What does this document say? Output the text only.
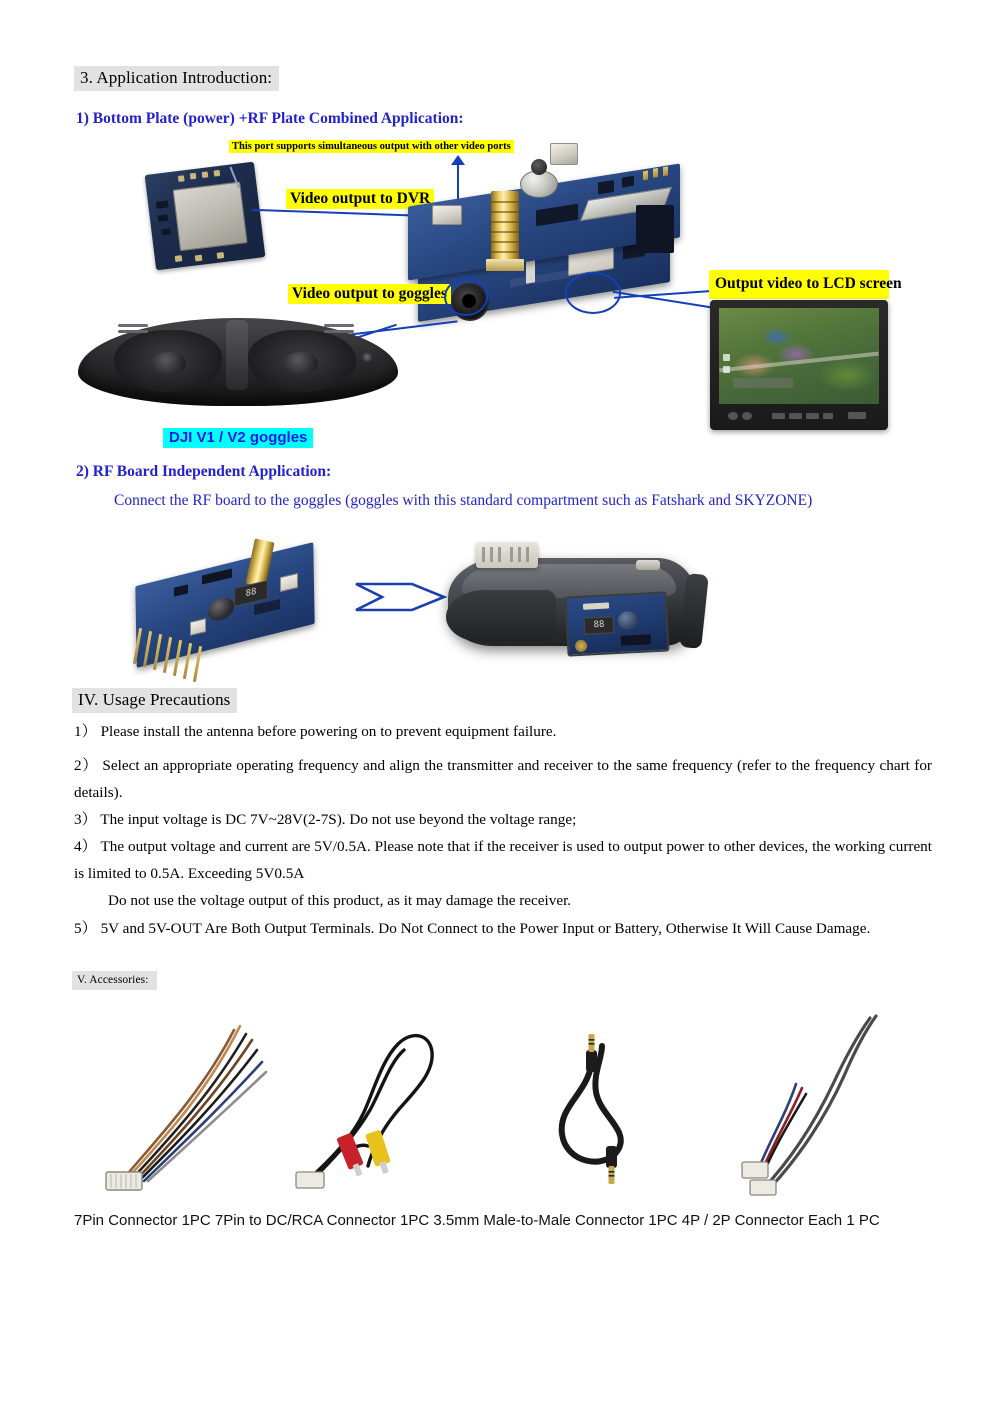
3. Application Introduction:
1) Bottom Plate (power) +RF Plate Combined Application:
This port supports simultaneous output with other video ports
Video output to DVR
Video output to goggles
DJI V1 / V2 goggles
Output video to LCD screen
2) RF Board Independent Application:
Connect the RF board to the goggles (goggles with this standard compartment such as Fatshark and SKYZONE)
88
88
IV. Usage Precautions
1） Please install the antenna before powering on to prevent equipment failure.
2） Select an appropriate operating frequency and align the transmitter and receiver to the same frequency (refer to the frequency chart for details).
3） The input voltage is DC 7V~28V(2-7S). Do not use beyond the voltage range;
4） The output voltage and current are 5V/0.5A. Please note that if the receiver is used to output power to other devices, the working current is limited to 0.5A. Exceeding 5V0.5A
Do not use the voltage output of this product, as it may damage the receiver.
5） 5V and 5V-OUT Are Both Output Terminals. Do Not Connect to the Power Input or Battery, Otherwise It Will Cause Damage.
V. Accessories:
7Pin Connector 1PC 7Pin to DC/RCA Connector 1PC 3.5mm Male-to-Male Connector 1PC 4P / 2P Connector Each 1 PC
